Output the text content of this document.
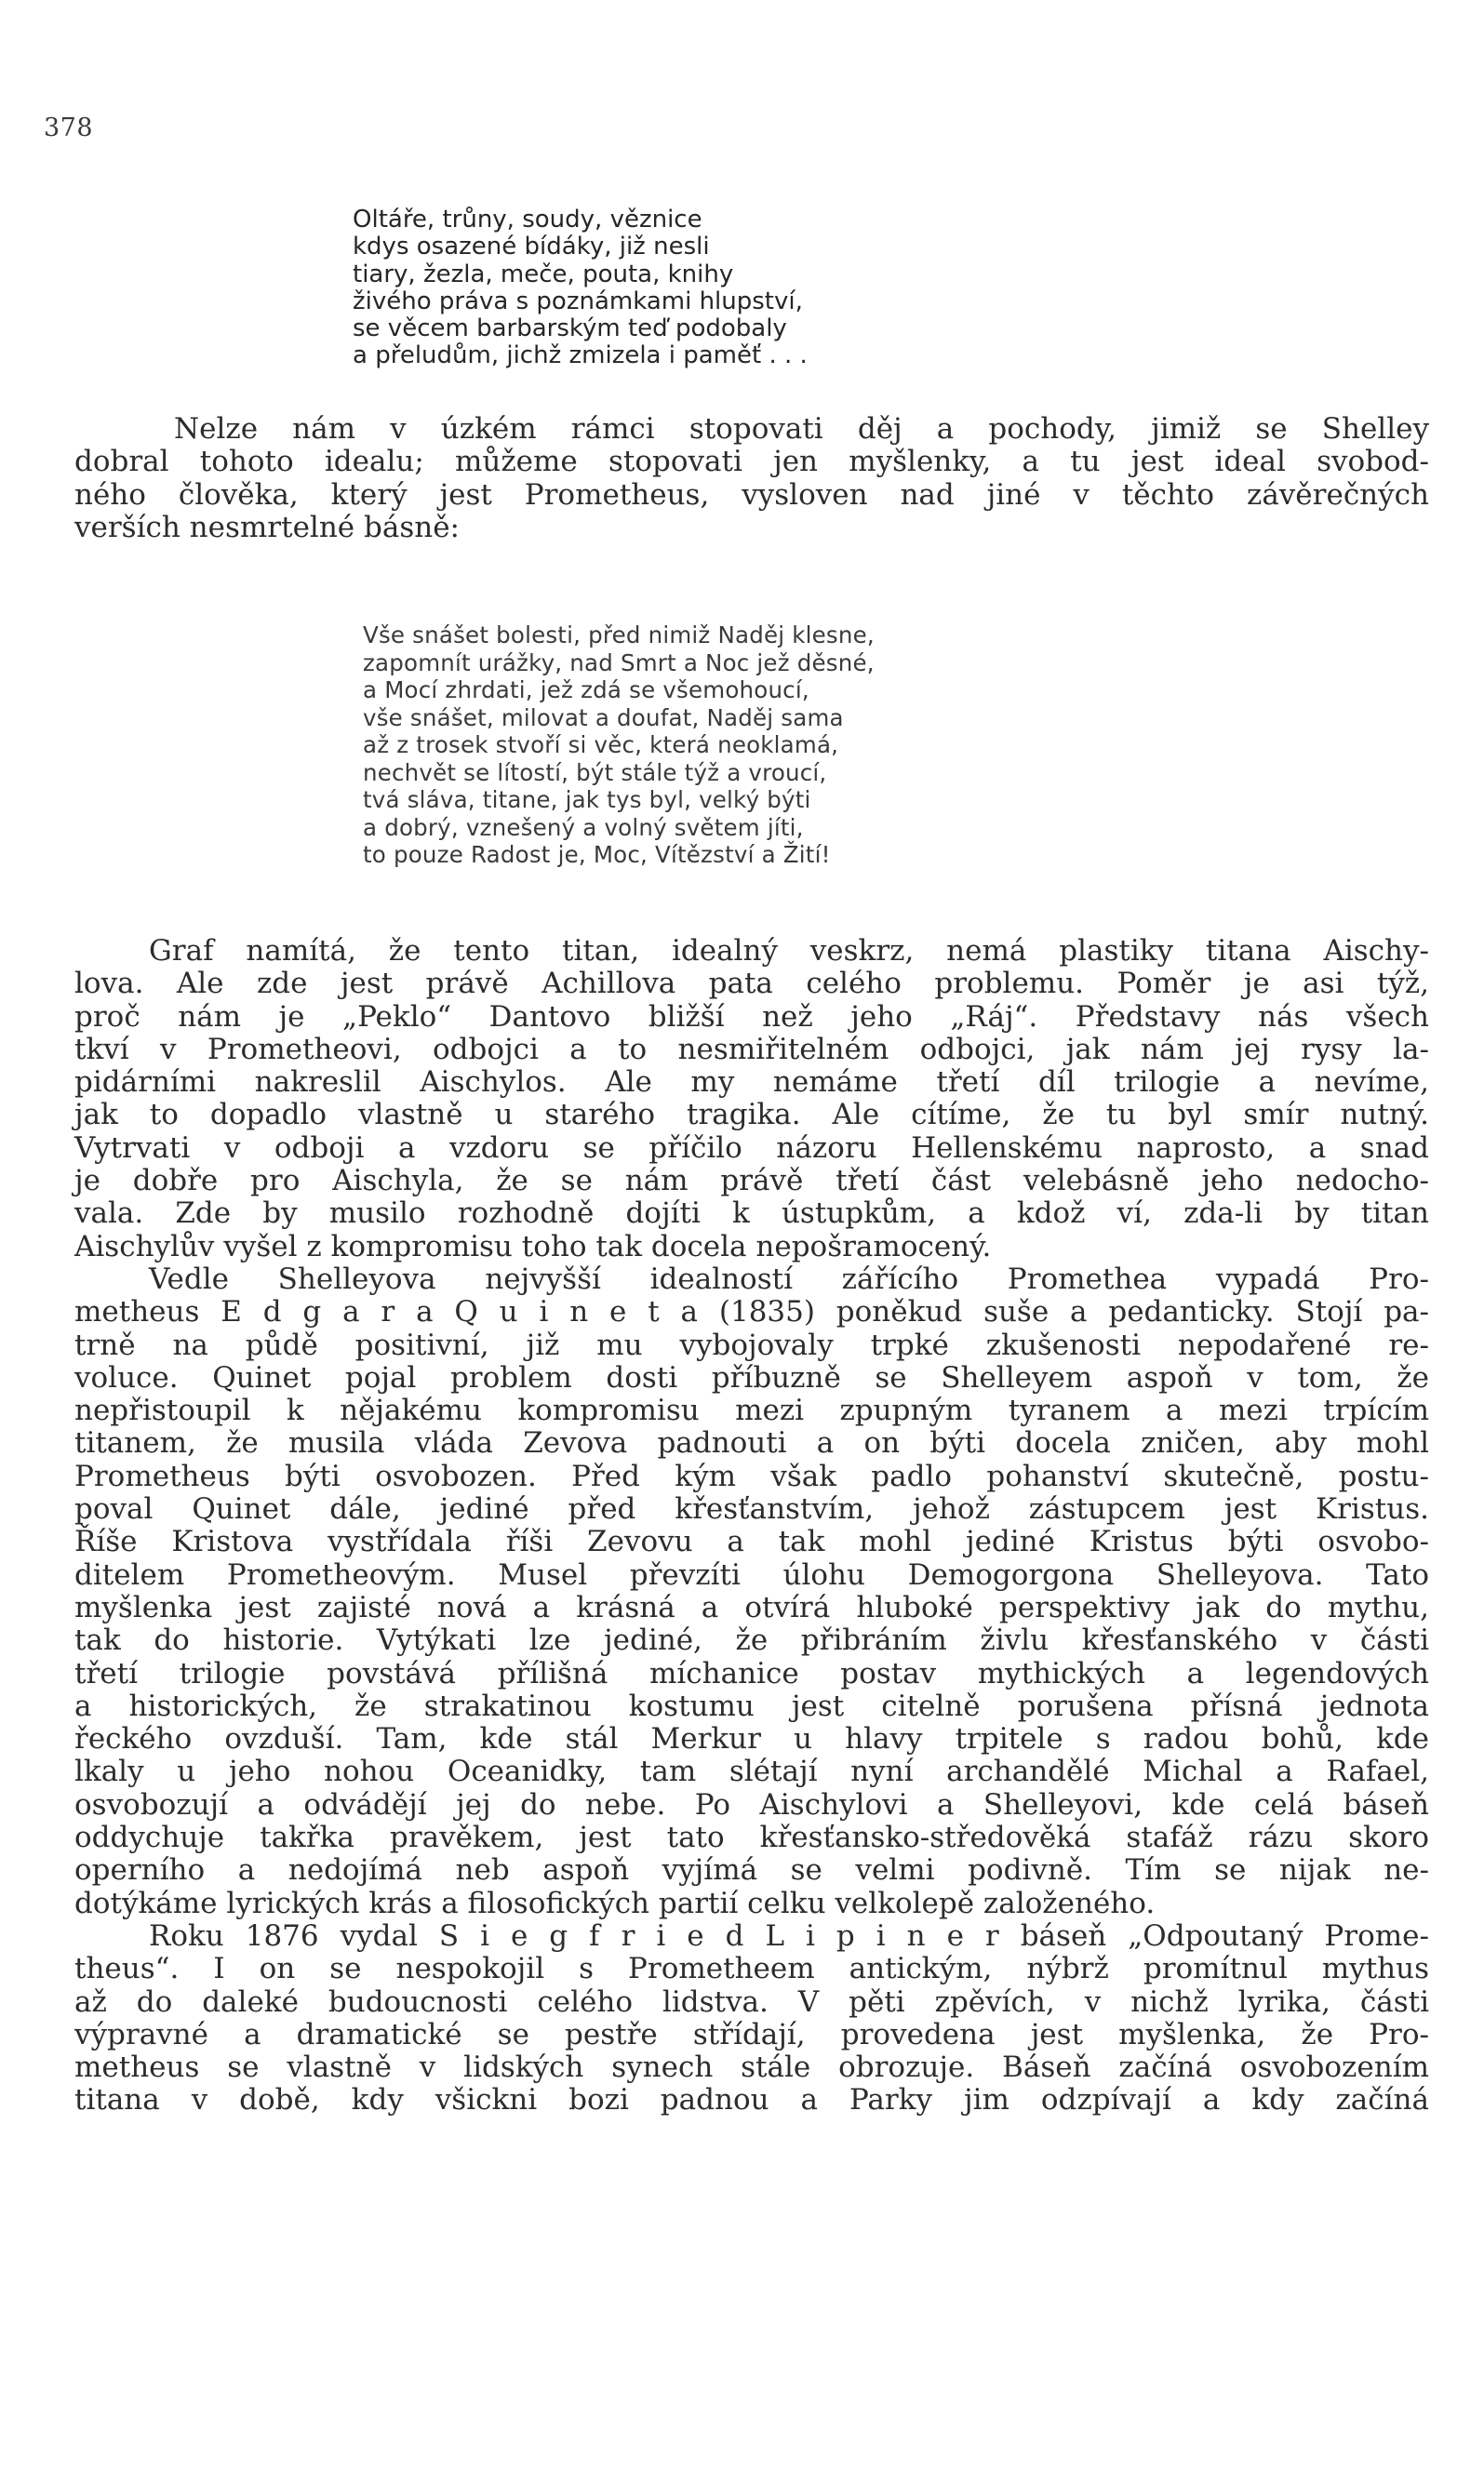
378
Oltáře, trůny, soudy, věznice
kdys osazené bídáky, již nesli
tiary, žezla, meče, pouta, knihy
živého práva s poznámkami hlupství,
se věcem barbarským teď podobaly
a přeludům, jichž zmizela i paměť . . .
Nelze nám v úzkém rámci stopovati děj a pochody, jimiž se Shelley
dobral tohoto idealu; můžeme stopovati jen myšlenky, a tu jest ideal svobod-
ného člověka, který jest Prometheus, vysloven nad jiné v těchto závěrečných
verších nesmrtelné básně:
Vše snášet bolesti, před nimiž Naděj klesne,
zapomnít urážky, nad Smrt a Noc jež děsné,
a Mocí zhrdati, jež zdá se všemohoucí,
vše snášet, milovat a doufat, Naděj sama
až z trosek stvoří si věc, která neoklamá,
nechvět se lítostí, být stále týž a vroucí,
tvá sláva, titane, jak tys byl, velký býti
a dobrý, vznešený a volný světem jíti,
to pouze Radost je, Moc, Vítězství a Žití!
Graf namítá, že tento titan, idealný veskrz, nemá plastiky titana Aischy-
lova. Ale zde jest právě Achillova pata celého problemu. Poměr je asi týž,
proč nám je „Peklo“ Dantovo bližší než jeho „Ráj“. Představy nás všech
tkví v Prometheovi, odbojci a to nesmiřitelném odbojci, jak nám jej rysy la-
pidárními nakreslil Aischylos. Ale my nemáme třetí díl trilogie a nevíme,
jak to dopadlo vlastně u starého tragika. Ale cítíme, že tu byl smír nutný.
Vytrvati v odboji a vzdoru se příčilo názoru Hellenskému naprosto, a snad
je dobře pro Aischyla, že se nám právě třetí část velebásně jeho nedocho-
vala. Zde by musilo rozhodně dojíti k ústupkům, a kdož ví, zda-li by titan
Aischylův vyšel z kompromisu toho tak docela nepošramocený.
Vedle Shelleyova nejvyšší idealností zářícího Promethea vypadá Pro-
metheus E d g a r a Q u i n e t a (1835) poněkud suše a pedanticky. Stojí pa-
trně na půdě positivní, již mu vybojovaly trpké zkušenosti nepodařené re-
voluce. Quinet pojal problem dosti příbuzně se Shelleyem aspoň v tom, že
nepřistoupil k nějakému kompromisu mezi zpupným tyranem a mezi trpícím
titanem, že musila vláda Zevova padnouti a on býti docela zničen, aby mohl
Prometheus býti osvobozen. Před kým však padlo pohanství skutečně, postu-
poval Quinet dále, jediné před křesťanstvím, jehož zástupcem jest Kristus.
Říše Kristova vystřídala říši Zevovu a tak mohl jediné Kristus býti osvobo-
ditelem Prometheovým. Musel převzíti úlohu Demogorgona Shelleyova. Tato
myšlenka jest zajisté nová a krásná a otvírá hluboké perspektivy jak do mythu,
tak do historie. Vytýkati lze jediné, že přibráním živlu křesťanského v části
třetí trilogie povstává přílišná míchanice postav mythických a legendových
a historických, že strakatinou kostumu jest citelně porušena přísná jednota
řeckého ovzduší. Tam, kde stál Merkur u hlavy trpitele s radou bohů, kde
lkaly u jeho nohou Oceanidky, tam slétají nyní archandělé Michal a Rafael,
osvobozují a odvádějí jej do nebe. Po Aischylovi a Shelleyovi, kde celá báseň
oddychuje takřka pravěkem, jest tato křesťansko-středověká stafáž rázu skoro
operního a nedojímá neb aspoň vyjímá se velmi podivně. Tím se nijak ne-
dotýkáme lyrických krás a filosofických partií celku velkolepě založeného.
Roku 1876 vydal S i e g f r i e d L i p i n e r báseň „Odpoutaný Prome-
theus“. I on se nespokojil s Prometheem antickým, nýbrž promítnul mythus
až do daleké budoucnosti celého lidstva. V pěti zpěvích, v nichž lyrika, části
výpravné a dramatické se pestře střídají, provedena jest myšlenka, že Pro-
metheus se vlastně v lidských synech stále obrozuje. Báseň začíná osvobozením
titana v době, kdy všickni bozi padnou a Parky jim odzpívají a kdy začíná
